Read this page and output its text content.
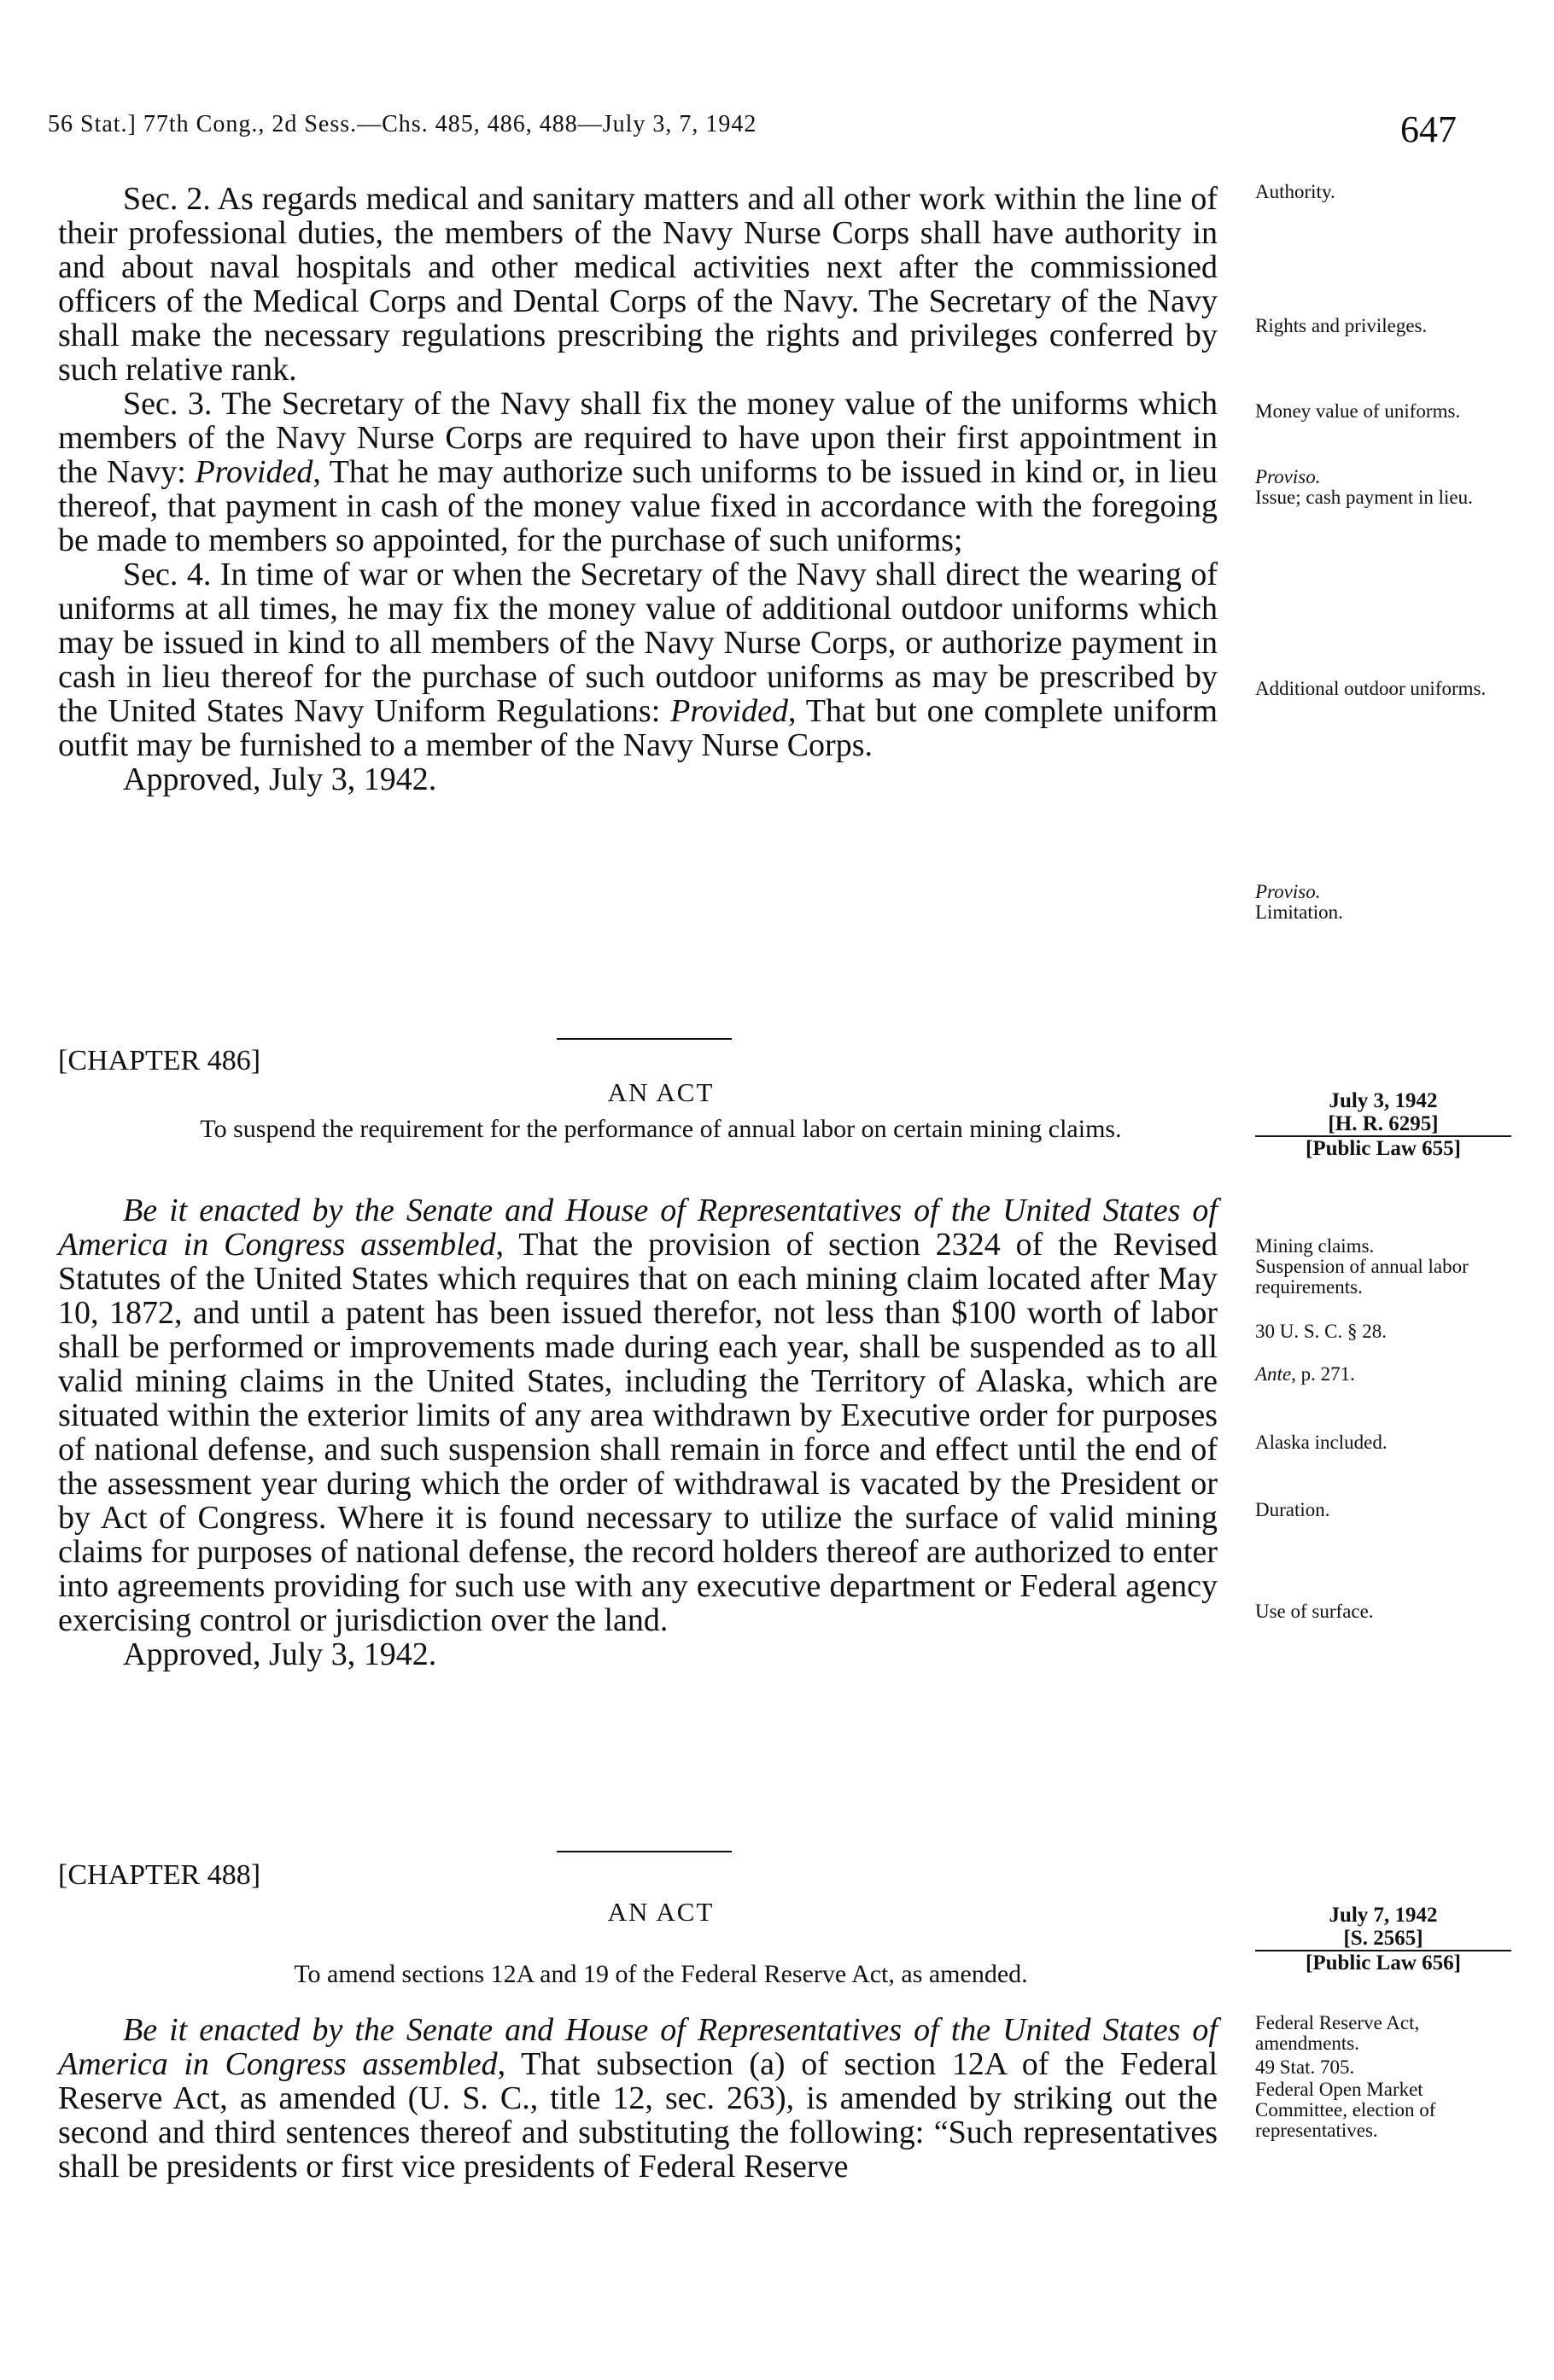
56 Stat.] 77th Cong., 2d Sess.—Chs. 485, 486, 488—July 3, 7, 1942	647

Sec. 2. As regards medical and sanitary matters and all other work within the line of their professional duties, the members of the Navy Nurse Corps shall have authority in and about naval hospitals and other medical activities next after the commissioned officers of the Medical Corps and Dental Corps of the Navy. The Secretary of the Navy shall make the necessary regulations prescribing the rights and privileges conferred by such relative rank.

Sec. 3. The Secretary of the Navy shall fix the money value of the uniforms which members of the Navy Nurse Corps are required to have upon their first appointment in the Navy: Provided, That he may authorize such uniforms to be issued in kind or, in lieu thereof, that payment in cash of the money value fixed in accordance with the foregoing be made to members so appointed, for the purchase of such uniforms;

Sec. 4. In time of war or when the Secretary of the Navy shall direct the wearing of uniforms at all times, he may fix the money value of additional outdoor uniforms which may be issued in kind to all members of the Navy Nurse Corps, or authorize payment in cash in lieu thereof for the purchase of such outdoor uniforms as may be prescribed by the United States Navy Uniform Regulations: Provided, That but one complete uniform outfit may be furnished to a member of the Navy Nurse Corps.

Approved, July 3, 1942.

[CHAPTER 486]
AN ACT
To suspend the requirement for the performance of annual labor on certain mining claims.

Be it enacted by the Senate and House of Representatives of the United States of America in Congress assembled, That the provision of section 2324 of the Revised Statutes of the United States which requires that on each mining claim located after May 10, 1872, and until a patent has been issued therefor, not less than $100 worth of labor shall be performed or improvements made during each year, shall be suspended as to all valid mining claims in the United States, including the Territory of Alaska, which are situated within the exterior limits of any area withdrawn by Executive order for purposes of national defense, and such suspension shall remain in force and effect until the end of the assessment year during which the order of withdrawal is vacated by the President or by Act of Congress. Where it is found necessary to utilize the surface of valid mining claims for purposes of national defense, the record holders thereof are authorized to enter into agreements providing for such use with any executive department or Federal agency exercising control or jurisdiction over the land.

Approved, July 3, 1942.

[CHAPTER 488]
AN ACT
To amend sections 12A and 19 of the Federal Reserve Act, as amended.

Be it enacted by the Senate and House of Representatives of the United States of America in Congress assembled, That subsection (a) of section 12A of the Federal Reserve Act, as amended (U. S. C., title 12, sec. 263), is amended by striking out the second and third sentences thereof and substituting the following: “Such representatives shall be presidents or first vice presidents of Federal Reserve

Authority.
Rights and privileges.
Money value of uniforms.
Proviso.
Issue; cash payment in lieu.
Additional outdoor uniforms.
Proviso.
Limitation.
July 3, 1942
[H. R. 6295]
[Public Law 655]
Mining claims.
Suspension of annual labor requirements.
30 U. S. C. § 28.
Ante, p. 271.
Alaska included.
Duration.
Use of surface.
July 7, 1942
[S. 2565]
[Public Law 656]
Federal Reserve Act, amendments.
49 Stat. 705.
Federal Open Market Committee, election of representatives.
